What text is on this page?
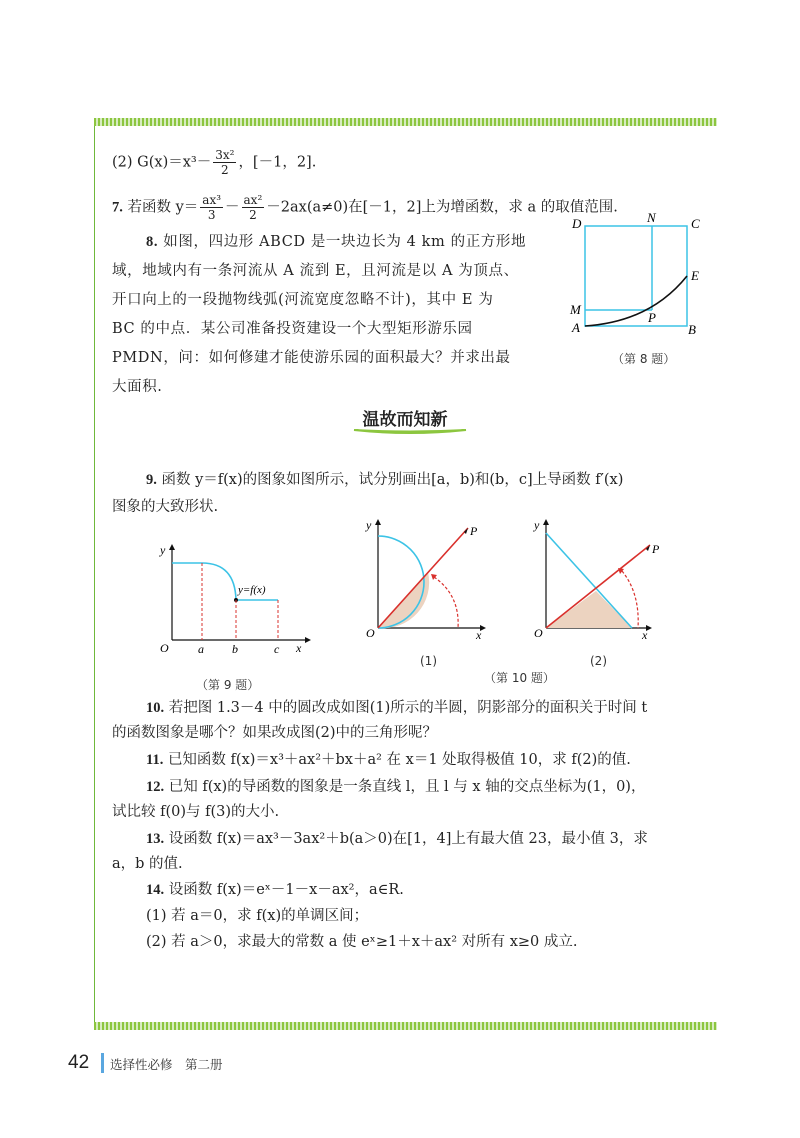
(2) $G(x)=x^3- \frac{\text{3x²}}{2}$ ，[－1，2].
7. 若函数 $y= \frac{\text{ax³}}{3} - \frac{\text{ax²}}{2} -2ax(a\ne 0)$在[－1，2]上为增函数，求 a 的取值范围.
8. 如图，四边形 ABCD 是一块边长为 4 km 的正方形地
域，地域内有一条河流从 A 流到 E，且河流是以 A 为顶点、
开口向上的一段抛物线弧(河流宽度忽略不计)，其中 E 为
BC 的中点．某公司准备投资建设一个大型矩形游乐园
PMDN，问：如何修建才能使游乐园的面积最大？并求出最
大面积.
D	N	C
E
M
P
A	B
（第 8 题）
温故而知新
9. 函数 y＝f(x)的图象如图所示，试分别画出[a，b)和(b，c]上导函数 f′(x)
图象的大致形状.
y
y=f(x)
O a b	c x
（第 9 题）
y	P
O	x
(1)
y
P
O	x
(2)
（第 10 题）
10. 若把图 1.3－4 中的圆改成如图(1)所示的半圆，阴影部分的面积关于时间 t
的函数图象是哪个？如果改成图(2)中的三角形呢？
11. 已知函数 f(x)＝x³＋ax²＋bx＋a² 在 x＝1 处取得极值 10，求 f(2)的值.
12. 已知 f(x)的导函数的图象是一条直线 l，且 l 与 x 轴的交点坐标为(1，0)，
试比较 f(0)与 f(3)的大小.
13. 设函数 f(x)＝ax³－3ax²＋b(a＞0)在[1，4]上有最大值 23，最小值 3，求
a，b 的值.
14. 设函数 f(x)＝eˣ－1－x－ax²，a∈R.
(1) 若 a＝0，求 f(x)的单调区间；
(2) 若 a＞0，求最大的常数 a 使 eˣ≥1＋x＋ax² 对所有 x≥0 成立.
42 选择性必修　第二册
